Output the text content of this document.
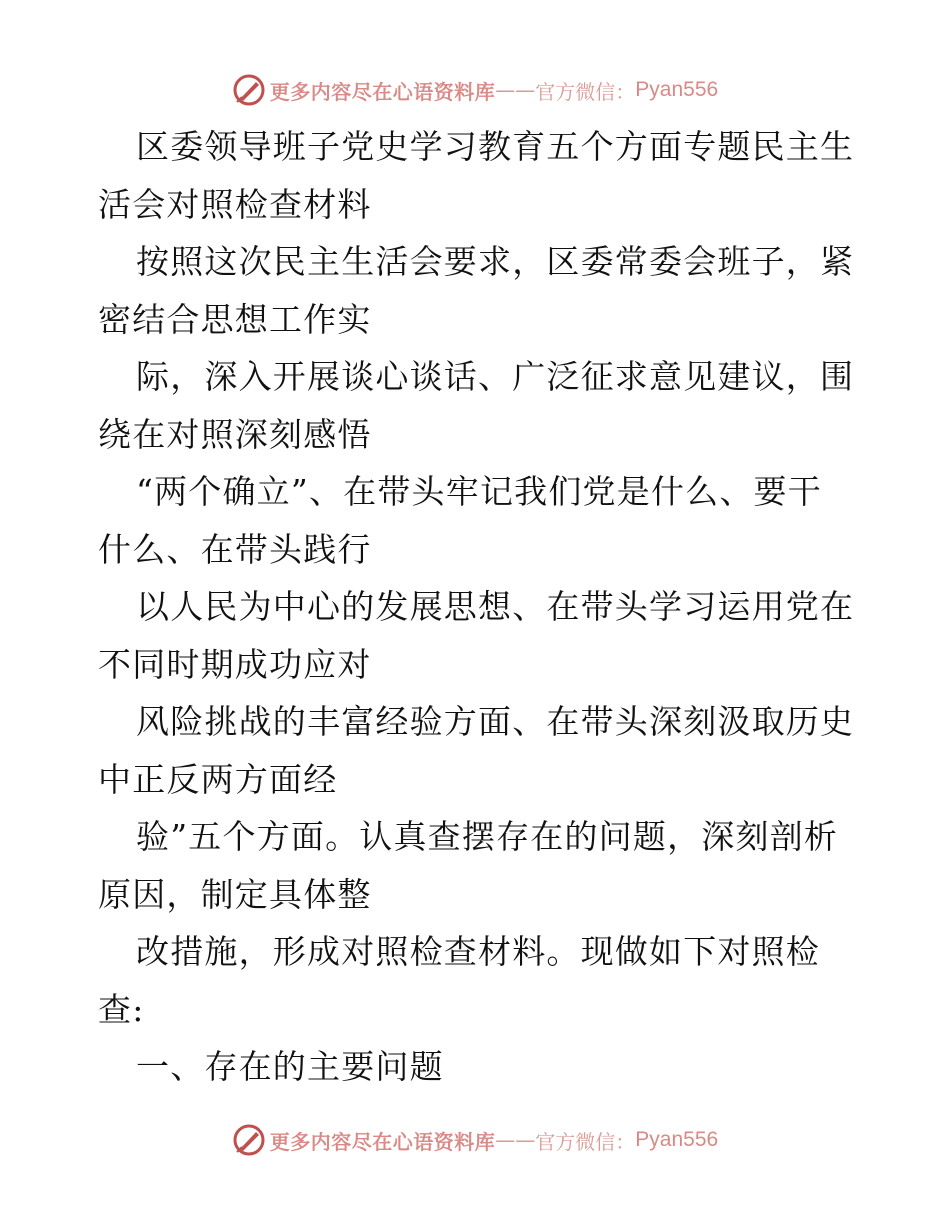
更多内容尽在心语资料库 —— 官方微信： Pyan556

区委领导班子党史学习教育五个方面专题民主生

活会对照检查材料

按照这次民主生活会要求，区委常委会班子，紧

密结合思想工作实

际，深入开展谈心谈话、广泛征求意见建议，围

绕在对照深刻感悟

“两个确立”、在带头牢记我们党是什么、要干

什么、在带头践行

以人民为中心的发展思想、在带头学习运用党在

不同时期成功应对

风险挑战的丰富经验方面、在带头深刻汲取历史

中正反两方面经

验”五个方面。认真查摆存在的问题，深刻剖析

原因，制定具体整

改措施，形成对照检查材料。现做如下对照检

查:

一、存在的主要问题

更多内容尽在心语资料库 —— 官方微信： Pyan556
